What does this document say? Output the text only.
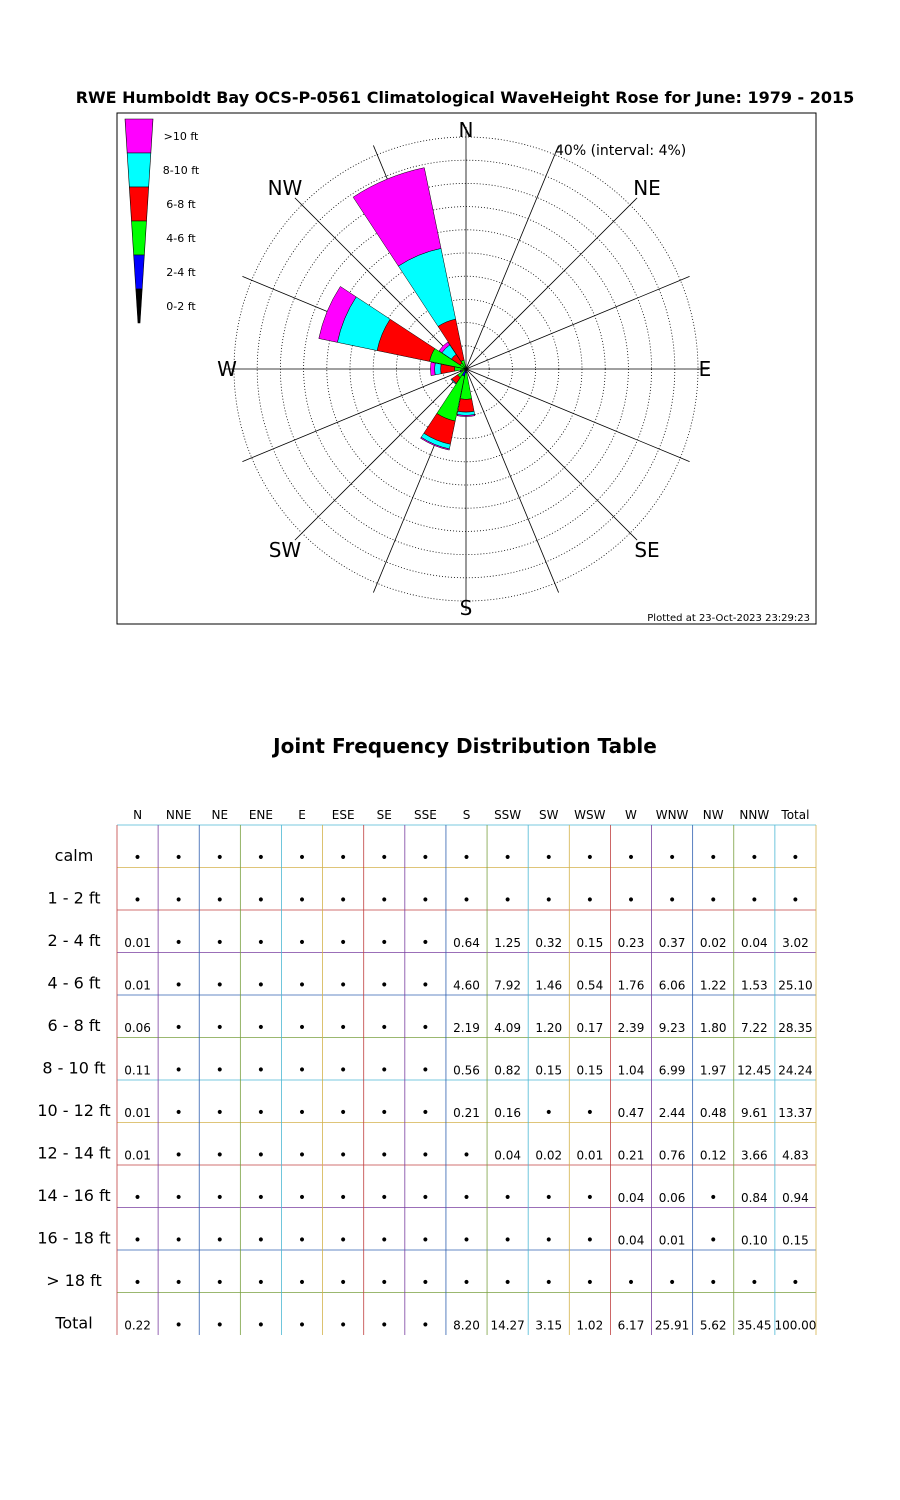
RWE Humboldt Bay OCS-P-0561 Climatological WaveHeight Rose for June: 1979 - 2015
N
NE
E
SE
S
SW
W
NW
40% (interval: 4%)
Plotted at 23-Oct-2023 23:29:23
>10 ft
8-10 ft
6-8 ft
4-6 ft
2-4 ft
0-2 ft
Joint Frequency Distribution Table
N NNE NE ENE E ESE SE SSE S SSW SW WSW W WNW NW NNW Total
calm	• • • • • • • • • • • • • • • • •
1 - 2 ft • • • • • • • • • • • • • • • • •
2 - 4 ft 0.01 • • • • • • • 0.64 1.25 0.32 0.15 0.23 0.37 0.02 0.04 3.02
4 - 6 ft 0.01 • • • • • • • 4.60 7.92 1.46 0.54 1.76 6.06 1.22 1.53 25.10
6 - 8 ft 0.06 • • • • • • • 2.19 4.09 1.20 0.17 2.39 9.23 1.80 7.22 28.35
8 - 10 ft 0.11 • • • • • • • 0.56 0.82 0.15 0.15 1.04 6.99 1.97 12.45 24.24
10 - 12 ft 0.01 • • • • • • • 0.21 0.16 • • 0.47 2.44 0.48 9.61 13.37
12 - 14 ft 0.01 • • • • • • • • 0.04 0.02 0.01 0.21 0.76 0.12 3.66 4.83
14 - 16 ft • • • • • • • • • • • • 0.04 0.06 • 0.84 0.94
16 - 18 ft • • • • • • • • • • • • 0.04 0.01 • 0.10 0.15
> 18 ft • • • • • • • • • • • • • • • • •
Total	0.22 • • • • • • • 8.20 14.27 3.15 1.02 6.17 25.91 5.62 35.45 100.00
